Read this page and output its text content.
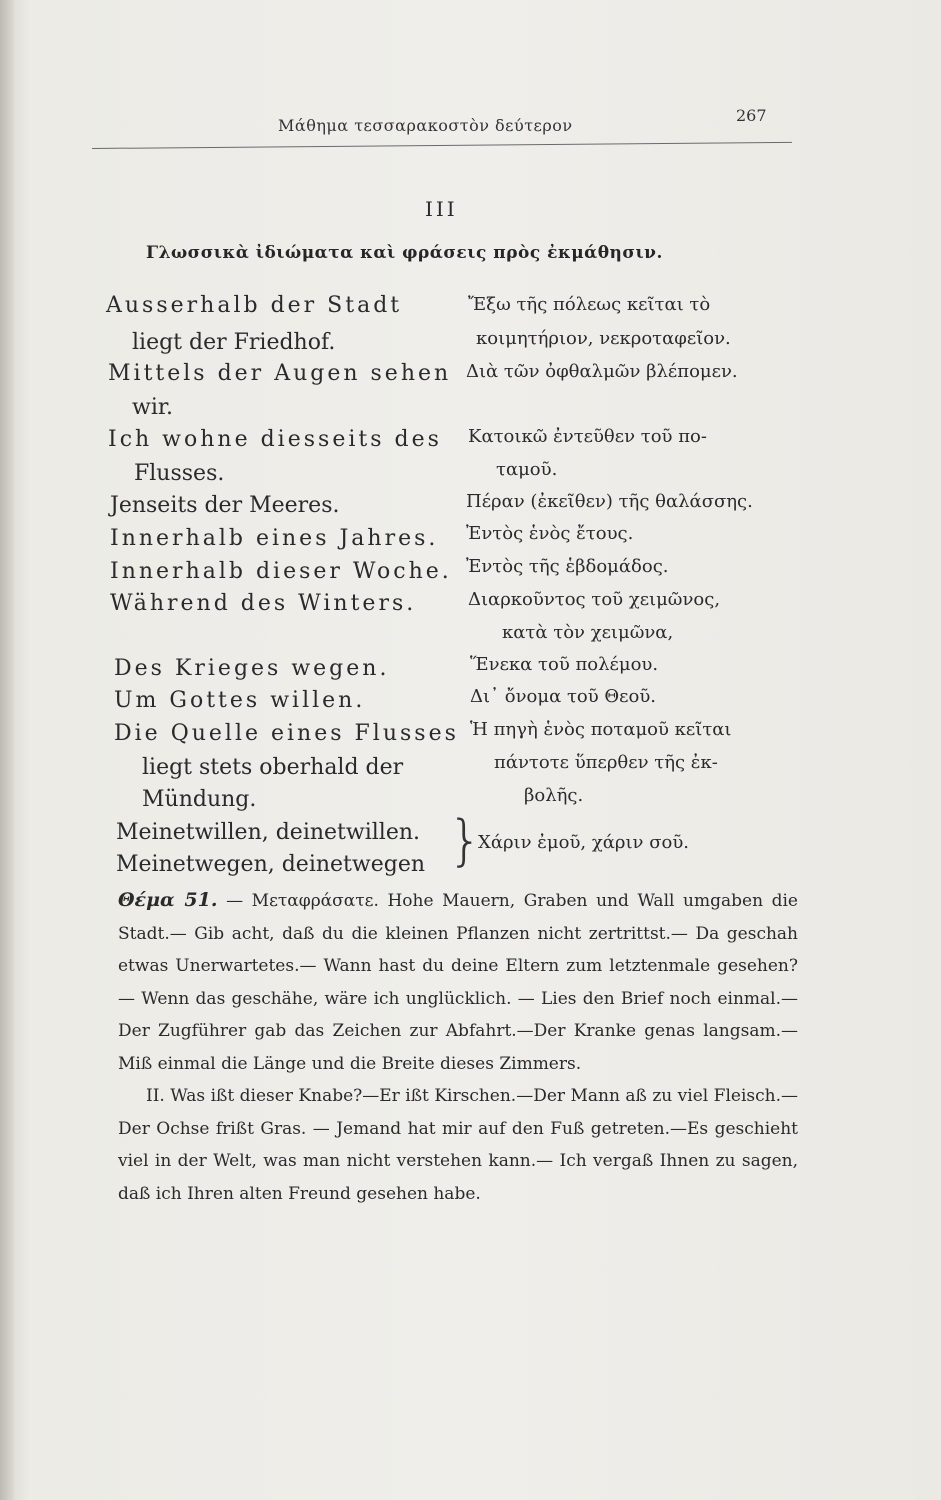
Μάθημα τεσσαρακοστὸν δεύτερον
267
III
Γλωσσικὰ ἰδιώματα καὶ φράσεις πρὸς ἐκμάθησιν.
Ausserhalb der Stadt
liegt der Friedhof.
Mittels der Augen sehen
wir.
Ich wohne diesseits des
Flusses.
Jenseits der Meeres.
Innerhalb eines Jahres.
Innerhalb dieser Woche.
Während des Winters.
Des Krieges wegen.
Um Gottes willen.
Die Quelle eines Flusses
liegt stets oberhald der
Mündung.
Meinetwillen, deinetwillen.
Meinetwegen, deinetwegen }
Ἔξω τῆς πόλεως κεῖται τὸ
κοιμητήριον, νεκροταφεῖον.
Διὰ τῶν ὀφθαλμῶν βλέπομεν.
Κατοικῶ ἐντεῦθεν τοῦ πο-
ταμοῦ.
Πέραν (ἐκεῖθεν) τῆς θαλάσσης.
Ἐντὸς ἑνὸς ἔτους.
Ἐντὸς τῆς ἑβδομάδος.
Διαρκοῦντος τοῦ χειμῶνος,
κατὰ τὸν χειμῶνα,
Ἕνεκα τοῦ πολέμου.
Δι᾽ ὄνομα τοῦ Θεοῦ.
Ἡ πηγὴ ἑνὸς ποταμοῦ κεῖται
πάντοτε ὕπερθεν τῆς ἐκ-
βολῆς.
Χάριν ἐμοῦ, χάριν σοῦ.
Θέμα 51. — Μεταφράσατε. Hohe Mauern, Graben und Wall umgaben die Stadt.— Gib acht, daß du die kleinen Pflanzen nicht zertrittst.— Da geschah etwas Unerwartetes.— Wann hast du deine Eltern zum letztenmale gesehen? — Wenn das geschähe, wäre ich unglücklich. — Lies den Brief noch einmal.—Der Zugführer gab das Zeichen zur Abfahrt.—Der Kranke genas langsam.—Miß einmal die Länge und die Breite dieses Zimmers.
II. Was ißt dieser Knabe?—Er ißt Kirschen.—Der Mann aß zu viel Fleisch.— Der Ochse frißt Gras. — Jemand hat mir auf den Fuß getreten.—Es geschieht viel in der Welt, was man nicht verstehen kann.— Ich vergaß Ihnen zu sagen, daß ich Ihren alten Freund gesehen habe.
